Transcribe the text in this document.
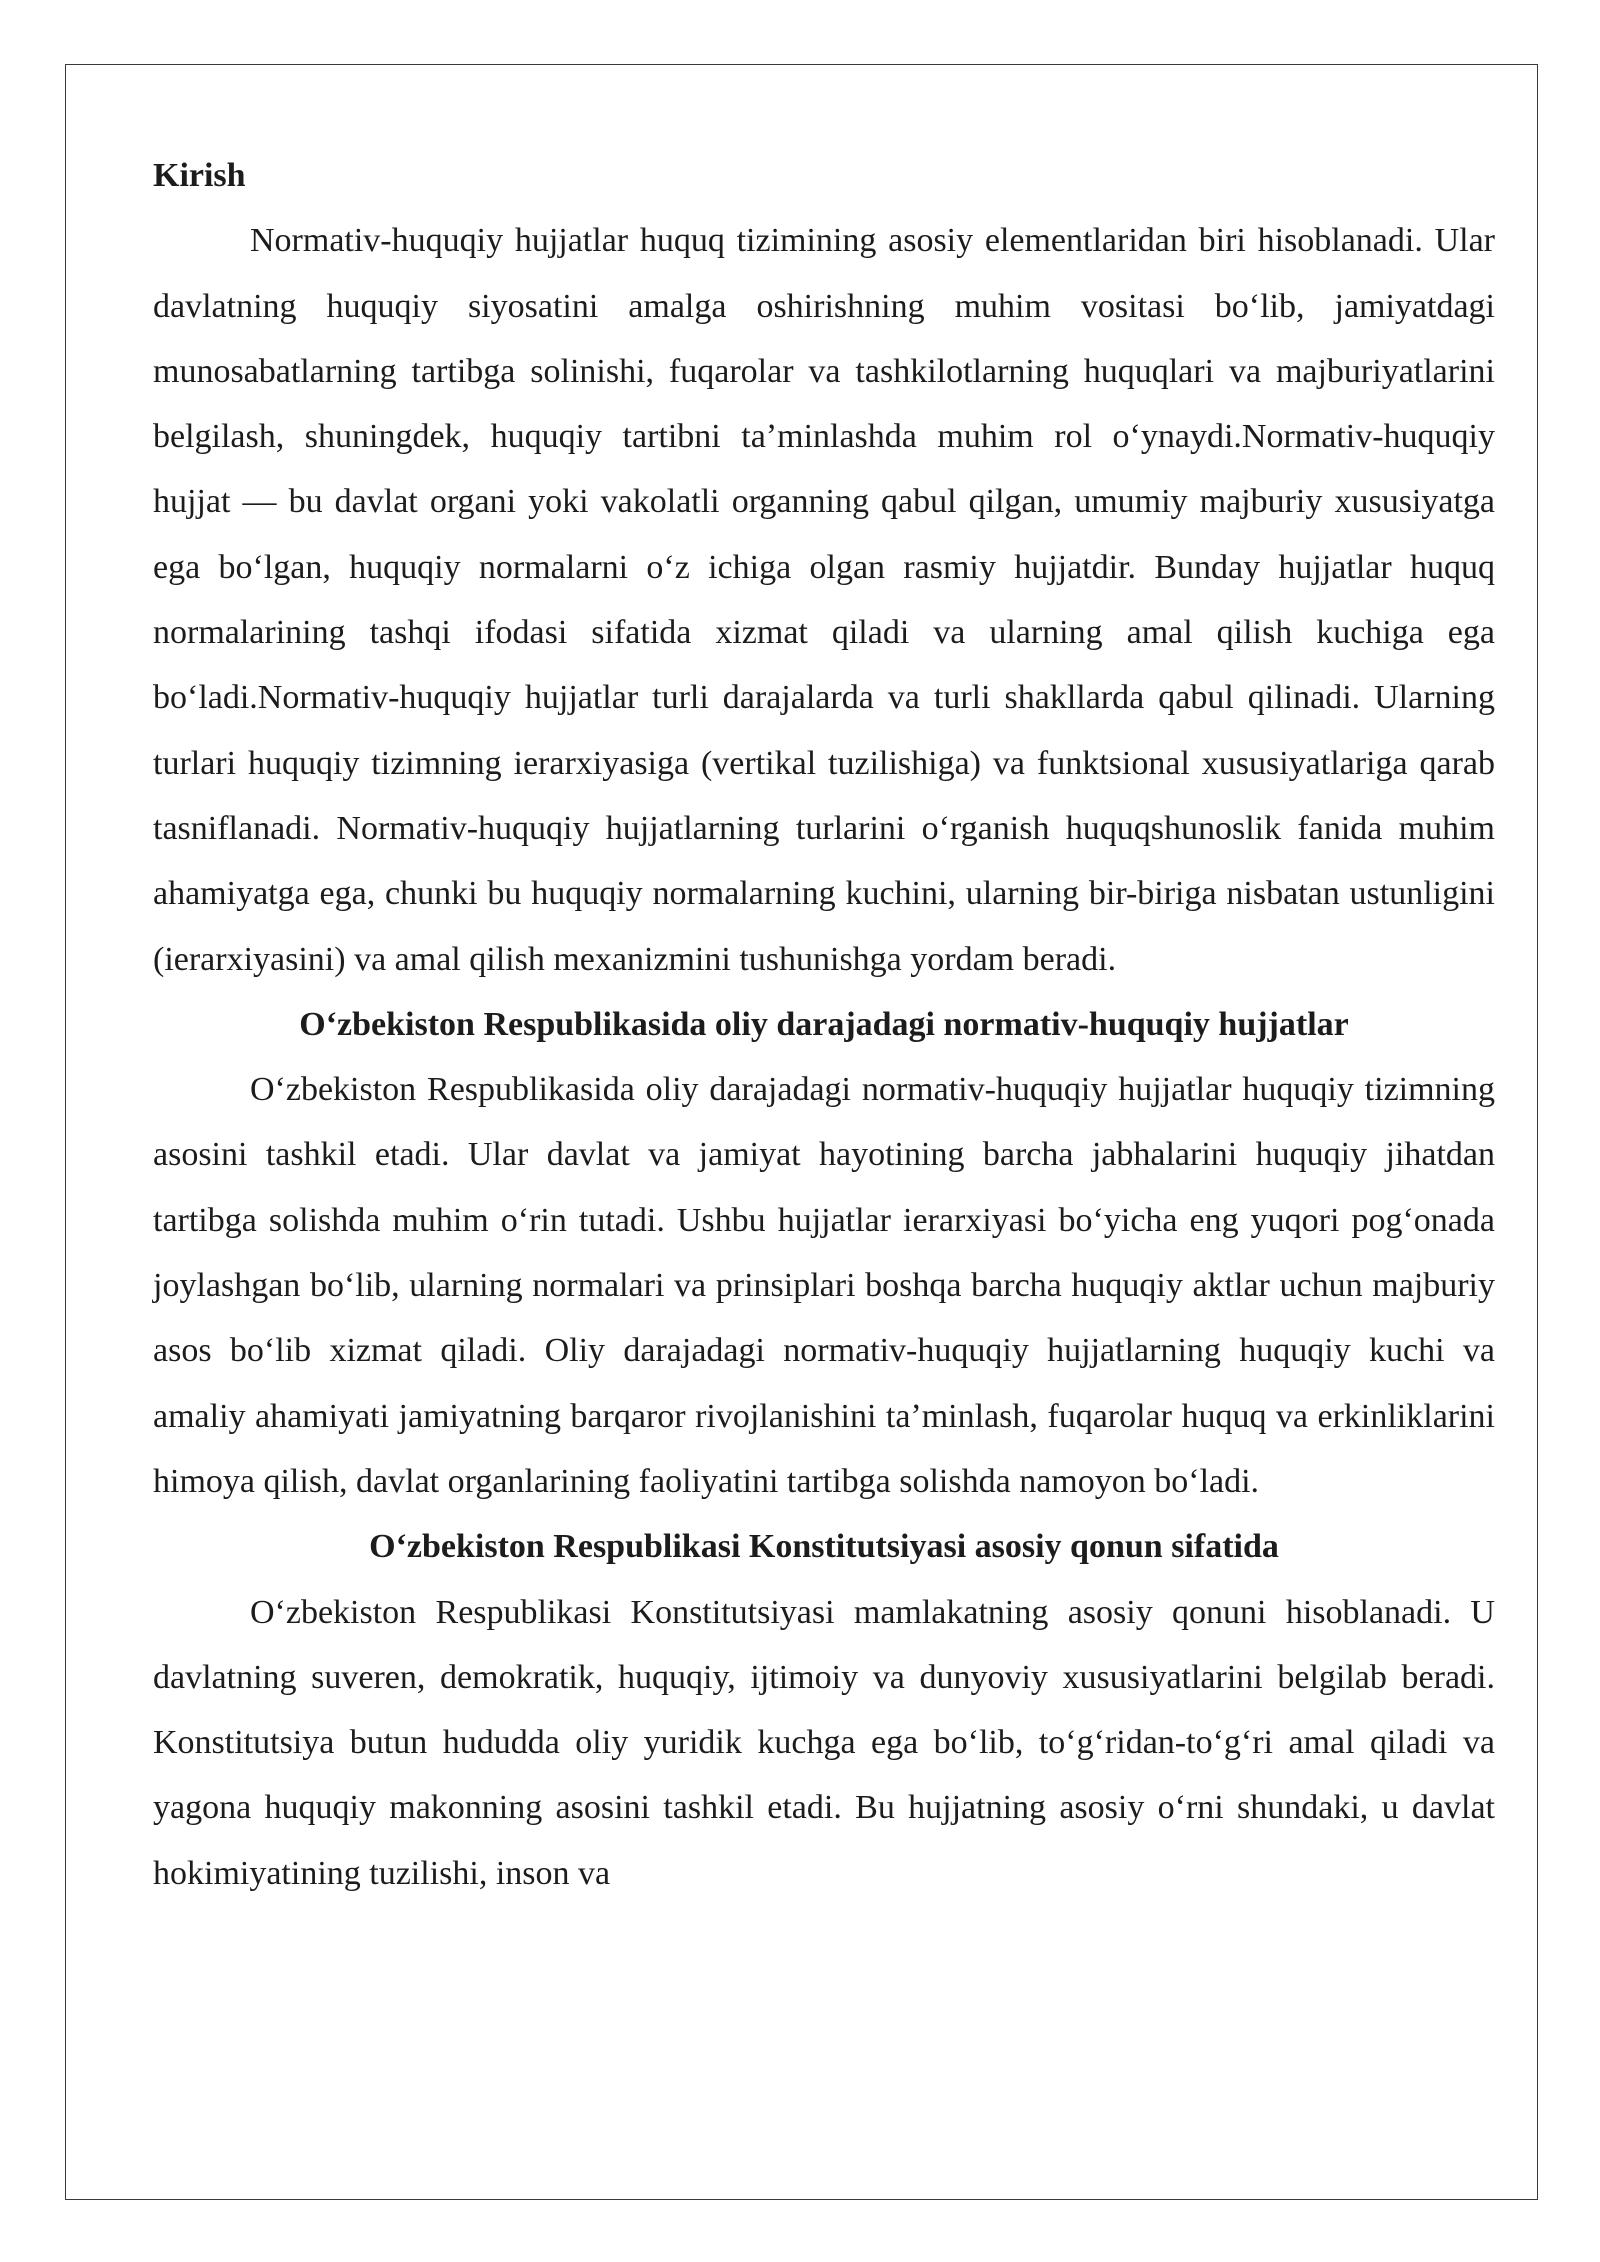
Kirish

Normativ-huquqiy hujjatlar huquq tizimining asosiy elementlaridan biri hisoblanadi. Ular davlatning huquqiy siyosatini amalga oshirishning muhim vositasi boʻlib, jamiyatdagi munosabatlarning tartibga solinishi, fuqarolar va tashkilotlarning huquqlari va majburiyatlarini belgilash, shuningdek, huquqiy tartibni taʼminlashda muhim rol oʻynaydi.Normativ-huquqiy hujjat — bu davlat organi yoki vakolatli organning qabul qilgan, umumiy majburiy xususiyatga ega boʻlgan, huquqiy normalarni oʻz ichiga olgan rasmiy hujjatdir. Bunday hujjatlar huquq normalarining tashqi ifodasi sifatida xizmat qiladi va ularning amal qilish kuchiga ega boʻladi.Normativ-huquqiy hujjatlar turli darajalarda va turli shakllarda qabul qilinadi. Ularning turlari huquqiy tizimning ierarxiyasiga (vertikal tuzilishiga) va funktsional xususiyatlariga qarab tasniflanadi. Normativ-huquqiy hujjatlarning turlarini oʻrganish huquqshunoslik fanida muhim ahamiyatga ega, chunki bu huquqiy normalarning kuchini, ularning bir-biriga nisbatan ustunligini (ierarxiyasini) va amal qilish mexanizmini tushunishga yordam beradi.

Oʻzbekiston Respublikasida oliy darajadagi normativ-huquqiy hujjatlar

Oʻzbekiston Respublikasida oliy darajadagi normativ-huquqiy hujjatlar huquqiy tizimning asosini tashkil etadi. Ular davlat va jamiyat hayotining barcha jabhalarini huquqiy jihatdan tartibga solishda muhim oʻrin tutadi. Ushbu hujjatlar ierarxiyasi boʻyicha eng yuqori pogʻonada joylashgan boʻlib, ularning normalari va prinsiplari boshqa barcha huquqiy aktlar uchun majburiy asos boʻlib xizmat qiladi. Oliy darajadagi normativ-huquqiy hujjatlarning huquqiy kuchi va amaliy ahamiyati jamiyatning barqaror rivojlanishini taʼminlash, fuqarolar huquq va erkinliklarini himoya qilish, davlat organlarining faoliyatini tartibga solishda namoyon boʻladi.

Oʻzbekiston Respublikasi Konstitutsiyasi asosiy qonun sifatida

Oʻzbekiston Respublikasi Konstitutsiyasi mamlakatning asosiy qonuni hisoblanadi. U davlatning suveren, demokratik, huquqiy, ijtimoiy va dunyoviy xususiyatlarini belgilab beradi. Konstitutsiya butun hududda oliy yuridik kuchga ega boʻlib, toʻgʻridan-toʻgʻri amal qiladi va yagona huquqiy makonning asosini tashkil etadi. Bu hujjatning asosiy oʻrni shundaki, u davlat hokimiyatining tuzilishi, inson va
